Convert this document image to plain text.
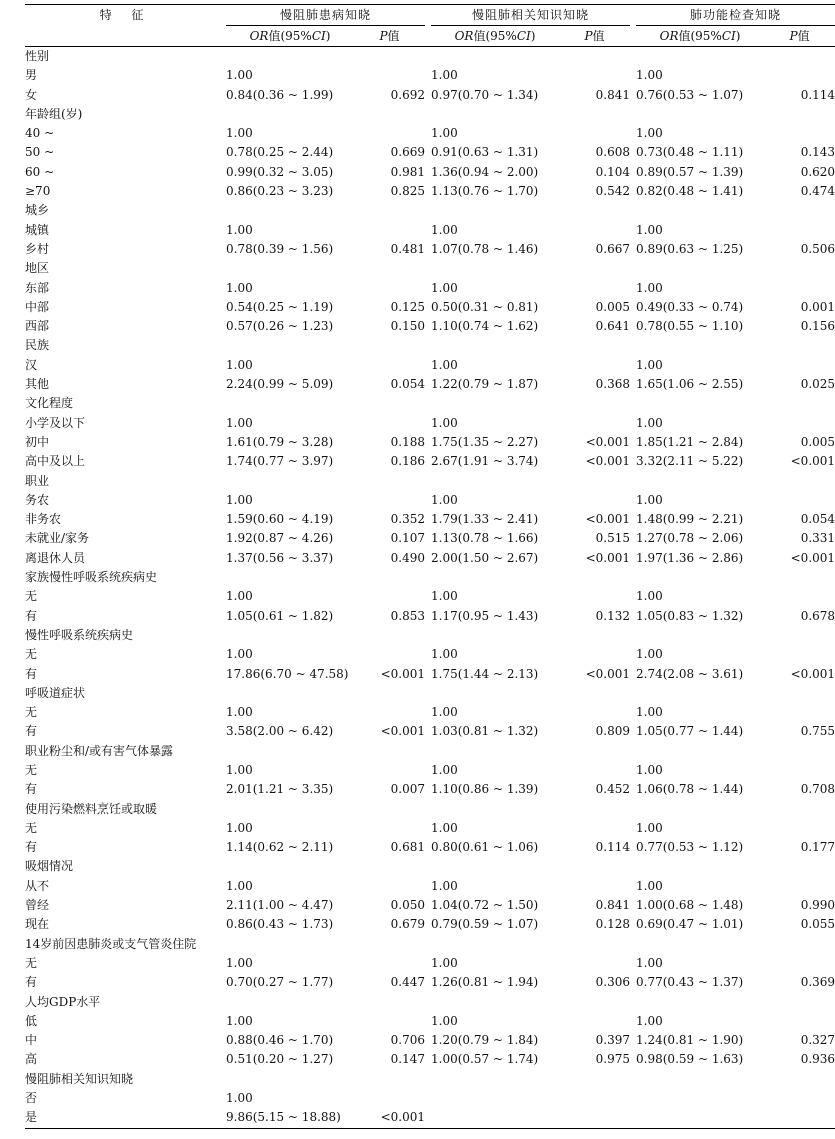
特 征	慢阻肺患病知晓			慢阻肺相关知识知晓			肺功能检查知晓	
	OR值(95%CI)	P值		OR值(95%CI)	P值		OR值(95%CI)	P值
性别								
男	1.00			1.00			1.00	
女	0.84(0.36 ~ 1.99)	0.692		0.97(0.70 ~ 1.34)	0.841		0.76(0.53 ~ 1.07)	0.114
年龄组(岁)								
40 ~	1.00			1.00			1.00	
50 ~	0.78(0.25 ~ 2.44)	0.669		0.91(0.63 ~ 1.31)	0.608		0.73(0.48 ~ 1.11)	0.143
60 ~	0.99(0.32 ~ 3.05)	0.981		1.36(0.94 ~ 2.00)	0.104		0.89(0.57 ~ 1.39)	0.620
≥70	0.86(0.23 ~ 3.23)	0.825		1.13(0.76 ~ 1.70)	0.542		0.82(0.48 ~ 1.41)	0.474
城乡								
城镇	1.00			1.00			1.00	
乡村	0.78(0.39 ~ 1.56)	0.481		1.07(0.78 ~ 1.46)	0.667		0.89(0.63 ~ 1.25)	0.506
地区								
东部	1.00			1.00			1.00	
中部	0.54(0.25 ~ 1.19)	0.125		0.50(0.31 ~ 0.81)	0.005		0.49(0.33 ~ 0.74)	0.001
西部	0.57(0.26 ~ 1.23)	0.150		1.10(0.74 ~ 1.62)	0.641		0.78(0.55 ~ 1.10)	0.156
民族								
汉	1.00			1.00			1.00	
其他	2.24(0.99 ~ 5.09)	0.054		1.22(0.79 ~ 1.87)	0.368		1.65(1.06 ~ 2.55)	0.025
文化程度								
小学及以下	1.00			1.00			1.00	
初中	1.61(0.79 ~ 3.28)	0.188		1.75(1.35 ~ 2.27)	<0.001		1.85(1.21 ~ 2.84)	0.005
高中及以上	1.74(0.77 ~ 3.97)	0.186		2.67(1.91 ~ 3.74)	<0.001		3.32(2.11 ~ 5.22)	<0.001
职业								
务农	1.00			1.00			1.00	
非务农	1.59(0.60 ~ 4.19)	0.352		1.79(1.33 ~ 2.41)	<0.001		1.48(0.99 ~ 2.21)	0.054
未就业/家务	1.92(0.87 ~ 4.26)	0.107		1.13(0.78 ~ 1.66)	0.515		1.27(0.78 ~ 2.06)	0.331
离退休人员	1.37(0.56 ~ 3.37)	0.490		2.00(1.50 ~ 2.67)	<0.001		1.97(1.36 ~ 2.86)	<0.001
家族慢性呼吸系统疾病史								
无	1.00			1.00			1.00	
有	1.05(0.61 ~ 1.82)	0.853		1.17(0.95 ~ 1.43)	0.132		1.05(0.83 ~ 1.32)	0.678
慢性呼吸系统疾病史								
无	1.00			1.00			1.00	
有	17.86(6.70 ~ 47.58)	<0.001		1.75(1.44 ~ 2.13)	<0.001		2.74(2.08 ~ 3.61)	<0.001
呼吸道症状								
无	1.00			1.00			1.00	
有	3.58(2.00 ~ 6.42)	<0.001		1.03(0.81 ~ 1.32)	0.809		1.05(0.77 ~ 1.44)	0.755
职业粉尘和/或有害气体暴露								
无	1.00			1.00			1.00	
有	2.01(1.21 ~ 3.35)	0.007		1.10(0.86 ~ 1.39)	0.452		1.06(0.78 ~ 1.44)	0.708
使用污染燃料烹饪或取暖								
无	1.00			1.00			1.00	
有	1.14(0.62 ~ 2.11)	0.681		0.80(0.61 ~ 1.06)	0.114		0.77(0.53 ~ 1.12)	0.177
吸烟情况								
从不	1.00			1.00			1.00	
曾经	2.11(1.00 ~ 4.47)	0.050		1.04(0.72 ~ 1.50)	0.841		1.00(0.68 ~ 1.48)	0.990
现在	0.86(0.43 ~ 1.73)	0.679		0.79(0.59 ~ 1.07)	0.128		0.69(0.47 ~ 1.01)	0.055
14岁前因患肺炎或支气管炎住院								
无	1.00			1.00			1.00	
有	0.70(0.27 ~ 1.77)	0.447		1.26(0.81 ~ 1.94)	0.306		0.77(0.43 ~ 1.37)	0.369
人均GDP水平								
低	1.00			1.00			1.00	
中	0.88(0.46 ~ 1.70)	0.706		1.20(0.79 ~ 1.84)	0.397		1.24(0.81 ~ 1.90)	0.327
高	0.51(0.20 ~ 1.27)	0.147		1.00(0.57 ~ 1.74)	0.975		0.98(0.59 ~ 1.63)	0.936
慢阻肺相关知识知晓								
否	1.00							
是	9.86(5.15 ~ 18.88)	<0.001						
